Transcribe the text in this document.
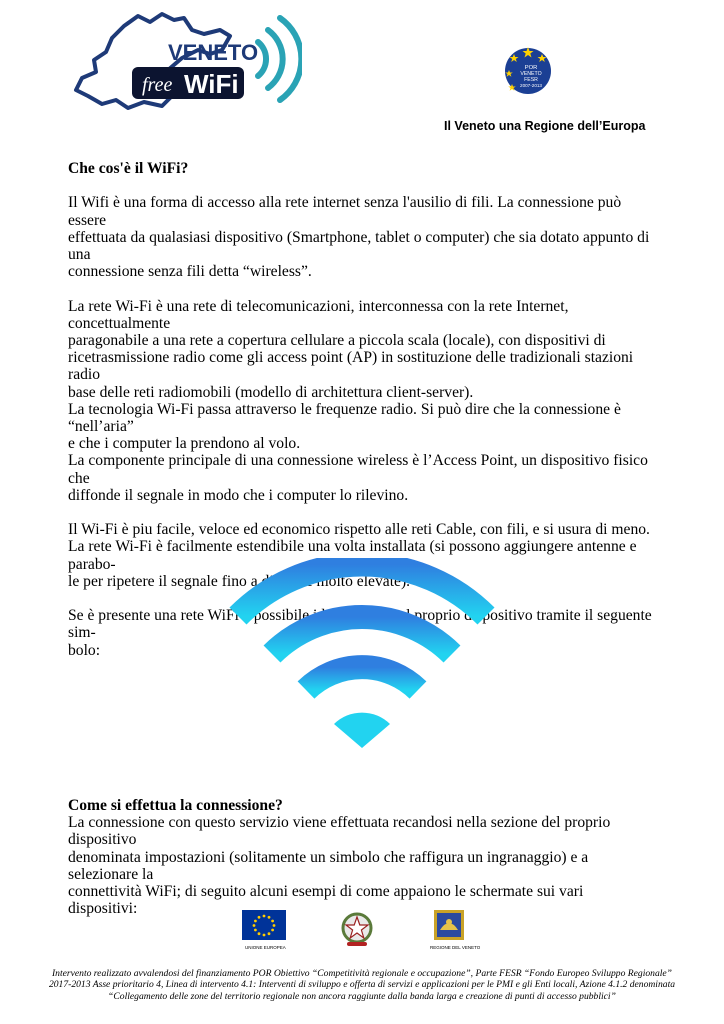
VENETO
free WiFi
POR
VENETO
FESR
2007-2013
Il Veneto una Regione dell’Europa

Che cos'è il WiFi?

Il Wifi è una forma di accesso alla rete internet senza l'ausilio di fili. La connessione può essere

effettuata da qualasiasi dispositivo (Smartphone, tablet o computer) che sia dotato appunto di una

connessione senza fili detta “wireless”.

La rete Wi-Fi è una rete di telecomunicazioni, interconnessa con la rete Internet, concettualmente

paragonabile a una rete a copertura cellulare a piccola scala (locale), con dispositivi di

ricetrasmissione radio come gli access point (AP) in sostituzione delle tradizionali stazioni radio

base delle reti radiomobili (modello di architettura client-server).

La tecnologia Wi-Fi passa attraverso le frequenze radio. Si può dire che la connessione è “nell’aria”

e che i computer la prendono al volo.

La componente principale di una connessione wireless è l’Access Point, un dispositivo fisico che

diffonde il segnale in modo che i computer lo rilevino.

Il Wi-Fi è piu facile, veloce ed economico rispetto alle reti Cable, con fili, e si usura di meno.

La rete Wi-Fi è facilmente estendibile una volta installata (si possono aggiungere antenne e parabo-

le per ripetere il segnale fino a distanze molto elevate).

Se è presente una rete WiFi è possibile identificarla sul proprio dispositivo tramite il seguente sim-

bolo:

Come si effettua la connessione?

La connessione con questo servizio viene effettuata recandosi nella sezione del proprio dispositivo

denominata impostazioni (solitamente un simbolo che raffigura un ingranaggio) e a selezionare la

connettività WiFi; di seguito alcuni esempi di come appaiono le schermate sui vari dispositivi:

UNIONE EUROPEA	REGIONE DEL VENETO

Intervento realizzato avvalendosi del finanziamento POR Obiettivo “Competitività regionale e occupazione”, Parte FESR “Fondo Europeo Sviluppo Regionale”

2017-2013 Asse prioritario 4, Linea di intervento 4.1: Interventi di sviluppo e offerta di servizi e applicazioni per le PMI e gli Enti locali, Azione 4.1.2 denominata

“Collegamento delle zone del territorio regionale non ancora raggiunte dalla banda larga e creazione di punti di accesso pubblici”
